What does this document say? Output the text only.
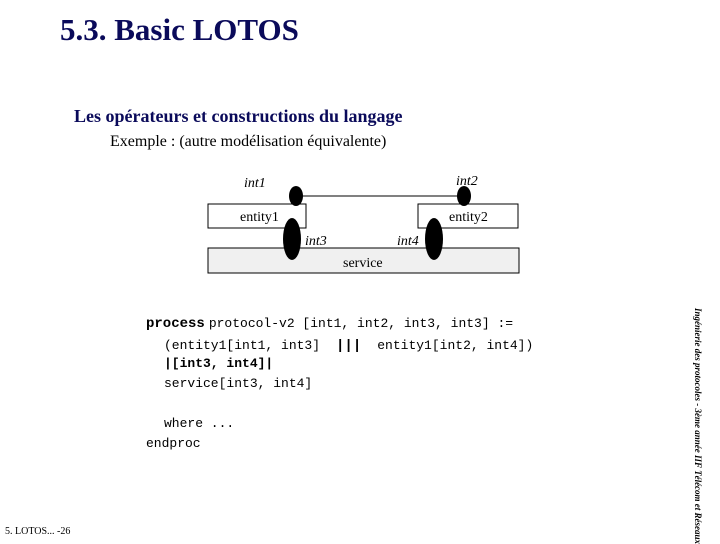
5.3. Basic LOTOS
Les opérateurs et constructions du langage
Exemple : (autre modélisation équivalente)
int1	int2
entity1	entity2
int3	int4
service
process protocol-v2 [int1, int2, int3, int3] :=
(entity1[int1, int3] ||| entity1[int2, int4])
|[int3, int4]|
service[int3, int4]
where ...
endproc	Ingénierie des protocoles - 3ème année IIF Télécom et Réseaux
5. LOTOS... -26
